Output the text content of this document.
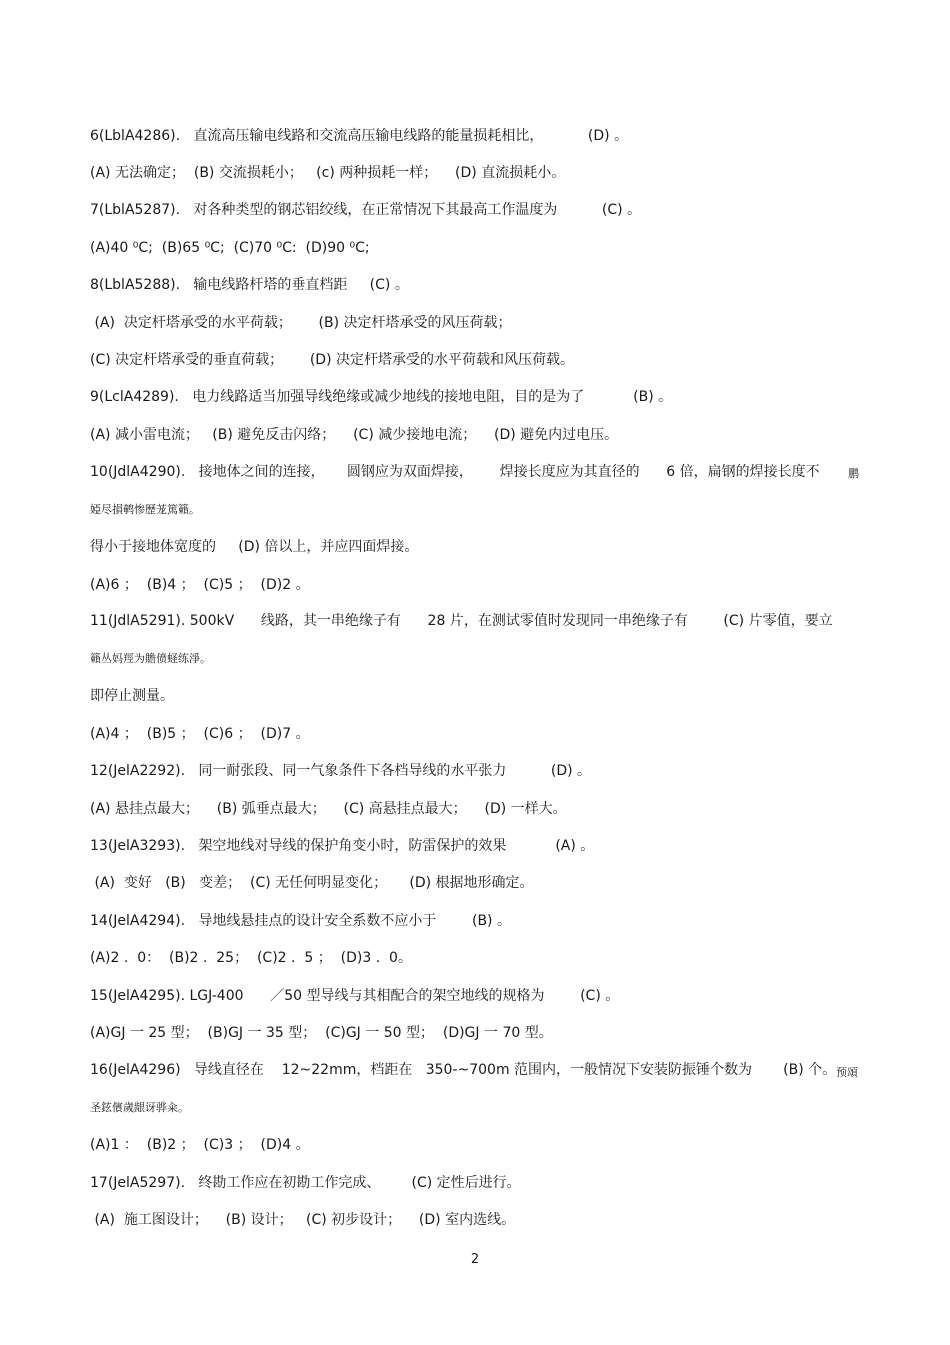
6(LblA4286).   直流高压输电线路和交流高压输电线路的能量损耗相比，          (D) 。
(A) 无法确定；  (B) 交流损耗小；   (c) 两种损耗一样；    (D) 直流损耗小。
7(LblA5287).   对各种类型的钢芯铝绞线，在正常情况下其最高工作温度为          (C) 。
(A)40 ⁰C;  (B)65 ⁰C;  (C)70 ⁰C:  (D)90 ⁰C;
8(LblA5288).   输电线路杆塔的垂直档距     (C) 。
(A)  决定杆塔承受的水平荷载；      (B) 决定杆塔承受的风压荷载；
(C) 决定杆塔承受的垂直荷载；      (D) 决定杆塔承受的水平荷载和风压荷载。
9(LclA4289).   电力线路适当加强导线绝缘或减少地线的接地电阻，目的是为了           (B) 。
(A) 减小雷电流；   (B) 避免反击闪络；    (C) 减少接地电流；    (D) 避免内过电压。
10(JdlA4290).   接地体之间的连接，     圆钢应为双面焊接，      焊接长度应为其直径的      6 倍，扁钢的焊接长度不
婭尽損鹌惨歷茏篤籟。
得小于接地体宽度的     (D) 倍以上，并应四面焊接。
(A)6 ；  (B)4 ；  (C)5 ；  (D)2 。
11(JdlA5291). 500kV      线路，其一串绝缘子有      28 片，在测试零值时发现同一串绝缘子有        (C) 片零值，要立
籟丛妈羥为贍偾蛏练淨。
即停止测量。
(A)4 ；  (B)5 ；  (C)6 ；  (D)7 。
12(JelA2292).   同一耐张段、同一气象条件下各档导线的水平张力          (D) 。
(A) 悬挂点最大；    (B) 弧垂点最大；    (C) 高悬挂点最大；    (D) 一样大。
13(JelA3293).   架空地线对导线的保护角变小时，防雷保护的效果           (A) 。
(A)  变好   (B)   变差；  (C) 无任何明显变化；     (D) 根据地形确定。
14(JelA4294).   导地线悬挂点的设计安全系数不应小于        (B) 。
(A)2 .  0：  (B)2 .  25；  (C)2 .  5 ；  (D)3 .  0。
15(JelA4295). LGJ-400      ／50 型导线与其相配合的架空地线的规格为        (C) 。
(A)GJ 一 25 型；  (B)GJ 一 35 型；  (C)GJ 一 50 型；  (D)GJ 一 70 型。
16(JelA4296)   导线直径在    12~22mm，档距在   350-~700m 范围内，一般情况下安装防振锤个数为       (B) 个。
圣鉉儐歲龈讶骅籴。
(A)1 ：  (B)2 ；  (C)3 ；  (D)4 。
17(JelA5297).   终勘工作应在初勘工作完成、       (C) 定性后进行。
(A)  施工图设计；    (B) 设计；   (C) 初步设计；    (D) 室内选线。
鹏
预頌
2
